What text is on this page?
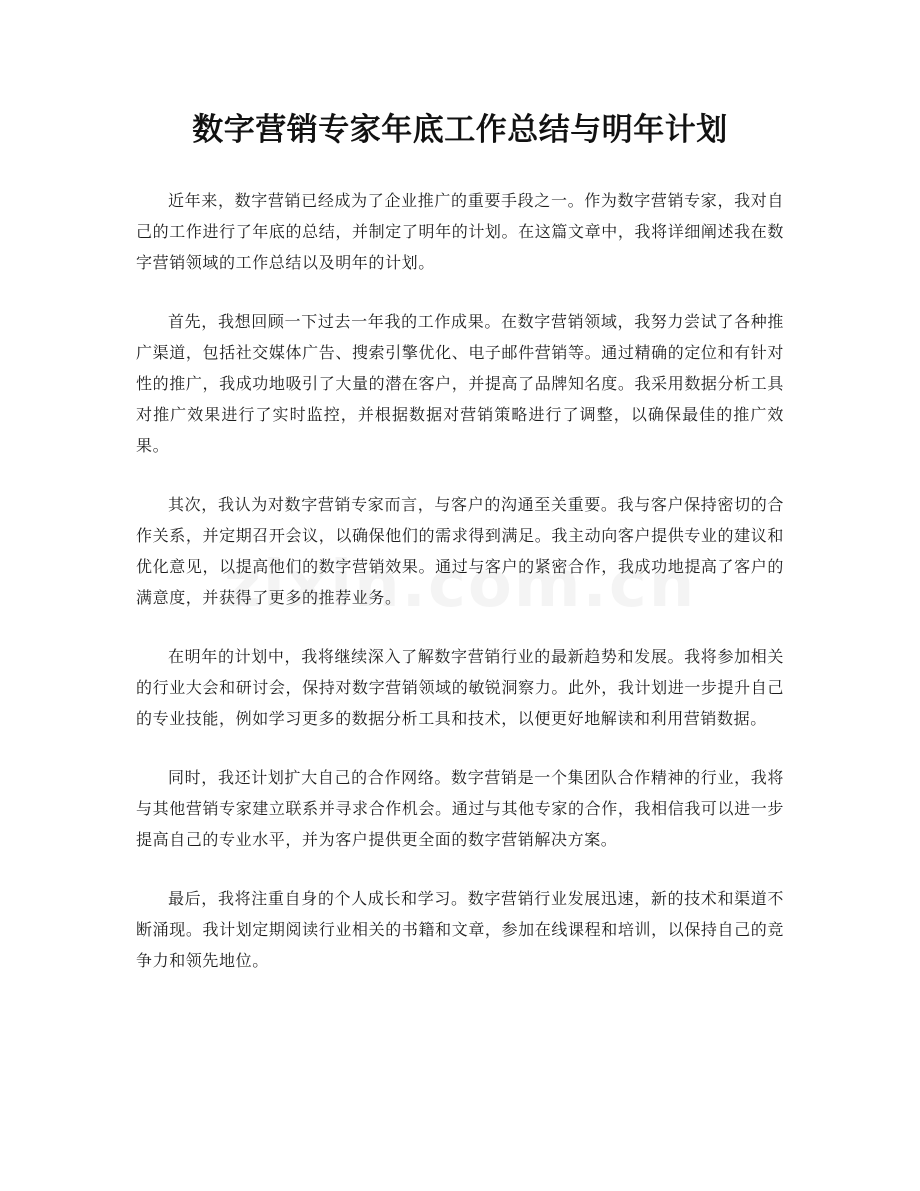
数字营销专家年底工作总结与明年计划

近年来，数字营销已经成为了企业推广的重要手段之一。作为数字营销专家，我对自己的工作进行了年底的总结，并制定了明年的计划。在这篇文章中，我将详细阐述我在数字营销领域的工作总结以及明年的计划。

首先，我想回顾一下过去一年我的工作成果。在数字营销领域，我努力尝试了各种推广渠道，包括社交媒体广告、搜索引擎优化、电子邮件营销等。通过精确的定位和有针对性的推广，我成功地吸引了大量的潜在客户，并提高了品牌知名度。我采用数据分析工具对推广效果进行了实时监控，并根据数据对营销策略进行了调整，以确保最佳的推广效果。

其次，我认为对数字营销专家而言，与客户的沟通至关重要。我与客户保持密切的合作关系，并定期召开会议，以确保他们的需求得到满足。我主动向客户提供专业的建议和优化意见，以提高他们的数字营销效果。通过与客户的紧密合作，我成功地提高了客户的满意度，并获得了更多的推荐业务。

在明年的计划中，我将继续深入了解数字营销行业的最新趋势和发展。我将参加相关的行业大会和研讨会，保持对数字营销领域的敏锐洞察力。此外，我计划进一步提升自己的专业技能，例如学习更多的数据分析工具和技术，以便更好地解读和利用营销数据。

同时，我还计划扩大自己的合作网络。数字营销是一个集团队合作精神的行业，我将与其他营销专家建立联系并寻求合作机会。通过与其他专家的合作，我相信我可以进一步提高自己的专业水平，并为客户提供更全面的数字营销解决方案。

最后，我将注重自身的个人成长和学习。数字营销行业发展迅速，新的技术和渠道不断涌现。我计划定期阅读行业相关的书籍和文章，参加在线课程和培训，以保持自己的竞争力和领先地位。
